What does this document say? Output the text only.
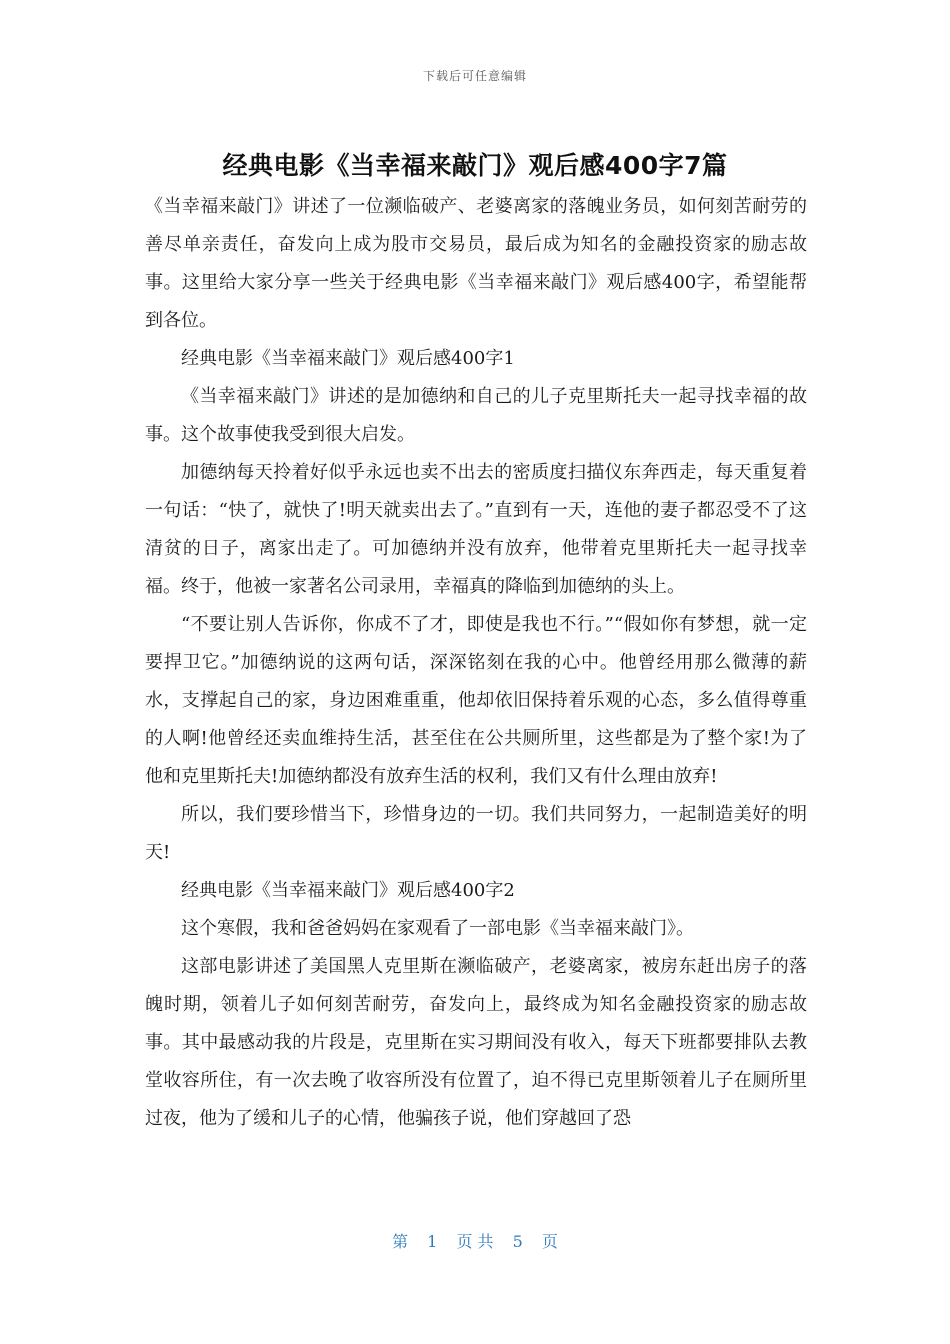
下载后可任意编辑
经典电影《当幸福来敲门》观后感400字7篇

《当幸福来敲门》讲述了一位濒临破产、老婆离家的落魄业务员，如何刻苦耐劳的善尽单亲责任，奋发向上成为股市交易员，最后成为知名的金融投资家的励志故事。这里给大家分享一些关于经典电影《当幸福来敲门》观后感400字，希望能帮到各位。

经典电影《当幸福来敲门》观后感400字1

《当幸福来敲门》讲述的是加德纳和自己的儿子克里斯托夫一起寻找幸福的故事。这个故事使我受到很大启发。

加德纳每天拎着好似乎永远也卖不出去的密质度扫描仪东奔西走，每天重复着一句话：“快了，就快了!明天就卖出去了。”直到有一天，连他的妻子都忍受不了这清贫的日子，离家出走了。可加德纳并没有放弃，他带着克里斯托夫一起寻找幸福。终于，他被一家著名公司录用，幸福真的降临到加德纳的头上。

“不要让别人告诉你，你成不了才，即使是我也不行。”“假如你有梦想，就一定要捍卫它。”加德纳说的这两句话，深深铭刻在我的心中。他曾经用那么微薄的薪水，支撑起自己的家，身边困难重重，他却依旧保持着乐观的心态，多么值得尊重的人啊!他曾经还卖血维持生活，甚至住在公共厕所里，这些都是为了整个家!为了他和克里斯托夫!加德纳都没有放弃生活的权利，我们又有什么理由放弃!

所以，我们要珍惜当下，珍惜身边的一切。我们共同努力，一起制造美好的明天!

经典电影《当幸福来敲门》观后感400字2

这个寒假，我和爸爸妈妈在家观看了一部电影《当幸福来敲门》。

这部电影讲述了美国黑人克里斯在濒临破产，老婆离家，被房东赶出房子的落魄时期，领着儿子如何刻苦耐劳，奋发向上，最终成为知名金融投资家的励志故事。其中最感动我的片段是，克里斯在实习期间没有收入，每天下班都要排队去教堂收容所住，有一次去晚了收容所没有位置了，迫不得已克里斯领着儿子在厕所里过夜，他为了缓和儿子的心情，他骗孩子说，他们穿越回了恐

第 1 页 共 5 页
